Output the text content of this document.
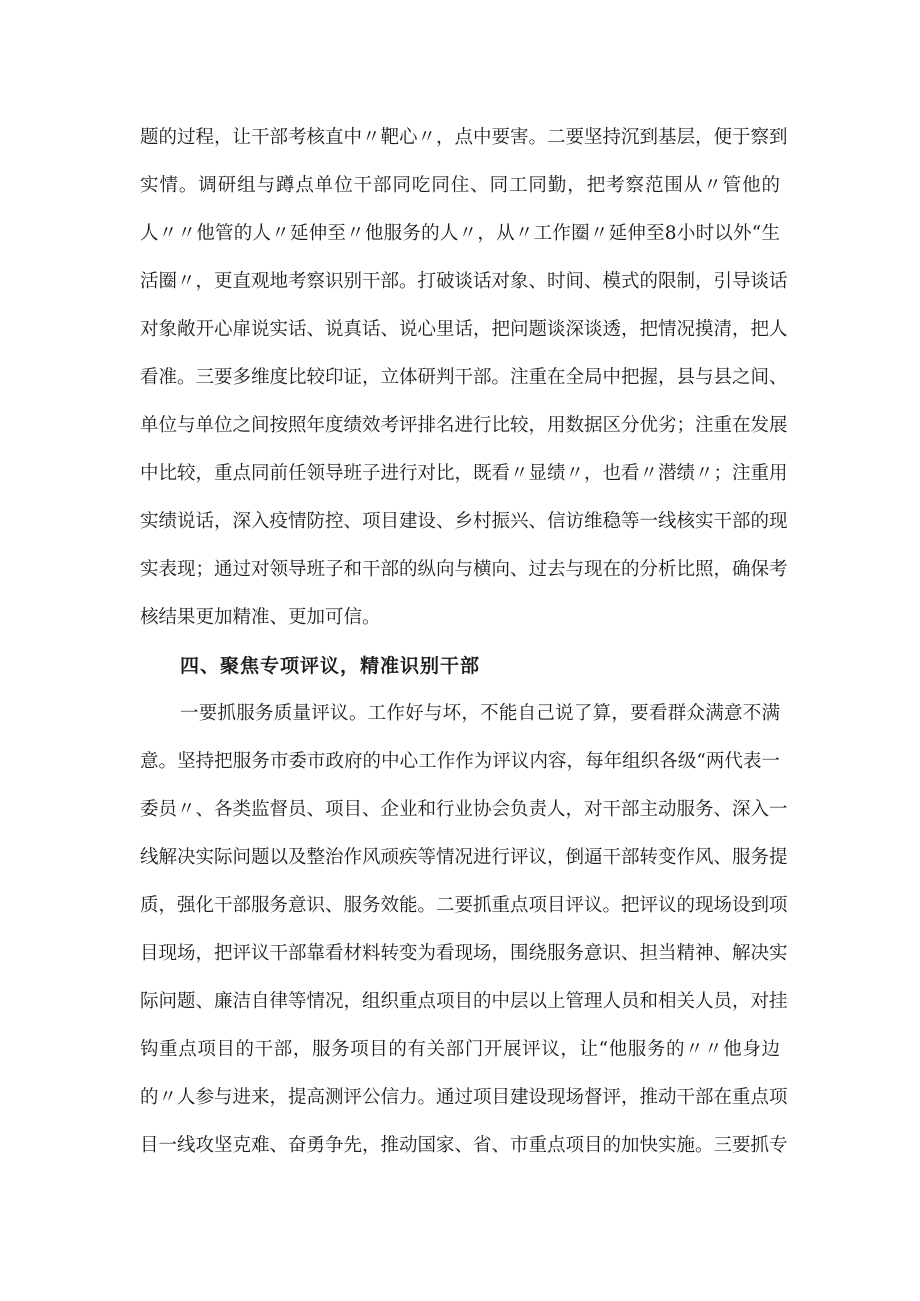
题的过程，让干部考核直中〃靶心〃，点中要害。二要坚持沉到基层，便于察到
实情。调研组与蹲点单位干部同吃同住、同工同勤，把考察范围从〃管他的
人〃〃他管的人〃延伸至〃他服务的人〃，从〃工作圈〃延伸至8小时以外“生
活圈〃，更直观地考察识别干部。打破谈话对象、时间、模式的限制，引导谈话
对象敞开心扉说实话、说真话、说心里话，把问题谈深谈透，把情况摸清，把人
看准。三要多维度比较印证，立体研判干部。注重在全局中把握，县与县之间、
单位与单位之间按照年度绩效考评排名进行比较，用数据区分优劣；注重在发展
中比较，重点同前任领导班子进行对比，既看〃显绩〃，也看〃潜绩〃；注重用
实绩说话，深入疫情防控、项目建设、乡村振兴、信访维稳等一线核实干部的现
实表现；通过对领导班子和干部的纵向与横向、过去与现在的分析比照，确保考
核结果更加精准、更加可信。
四、聚焦专项评议，精准识别干部
一要抓服务质量评议。工作好与坏，不能自己说了算，要看群众满意不满
意。坚持把服务市委市政府的中心工作作为评议内容，每年组织各级“两代表一
委员〃、各类监督员、项目、企业和行业协会负责人，对干部主动服务、深入一
线解决实际问题以及整治作风顽疾等情况进行评议，倒逼干部转变作风、服务提
质，强化干部服务意识、服务效能。二要抓重点项目评议。把评议的现场设到项
目现场，把评议干部靠看材料转变为看现场，围绕服务意识、担当精神、解决实
际问题、廉洁自律等情况，组织重点项目的中层以上管理人员和相关人员，对挂
钩重点项目的干部，服务项目的有关部门开展评议，让“他服务的〃〃他身边
的〃人参与进来，提高测评公信力。通过项目建设现场督评，推动干部在重点项
目一线攻坚克难、奋勇争先，推动国家、省、市重点项目的加快实施。三要抓专
